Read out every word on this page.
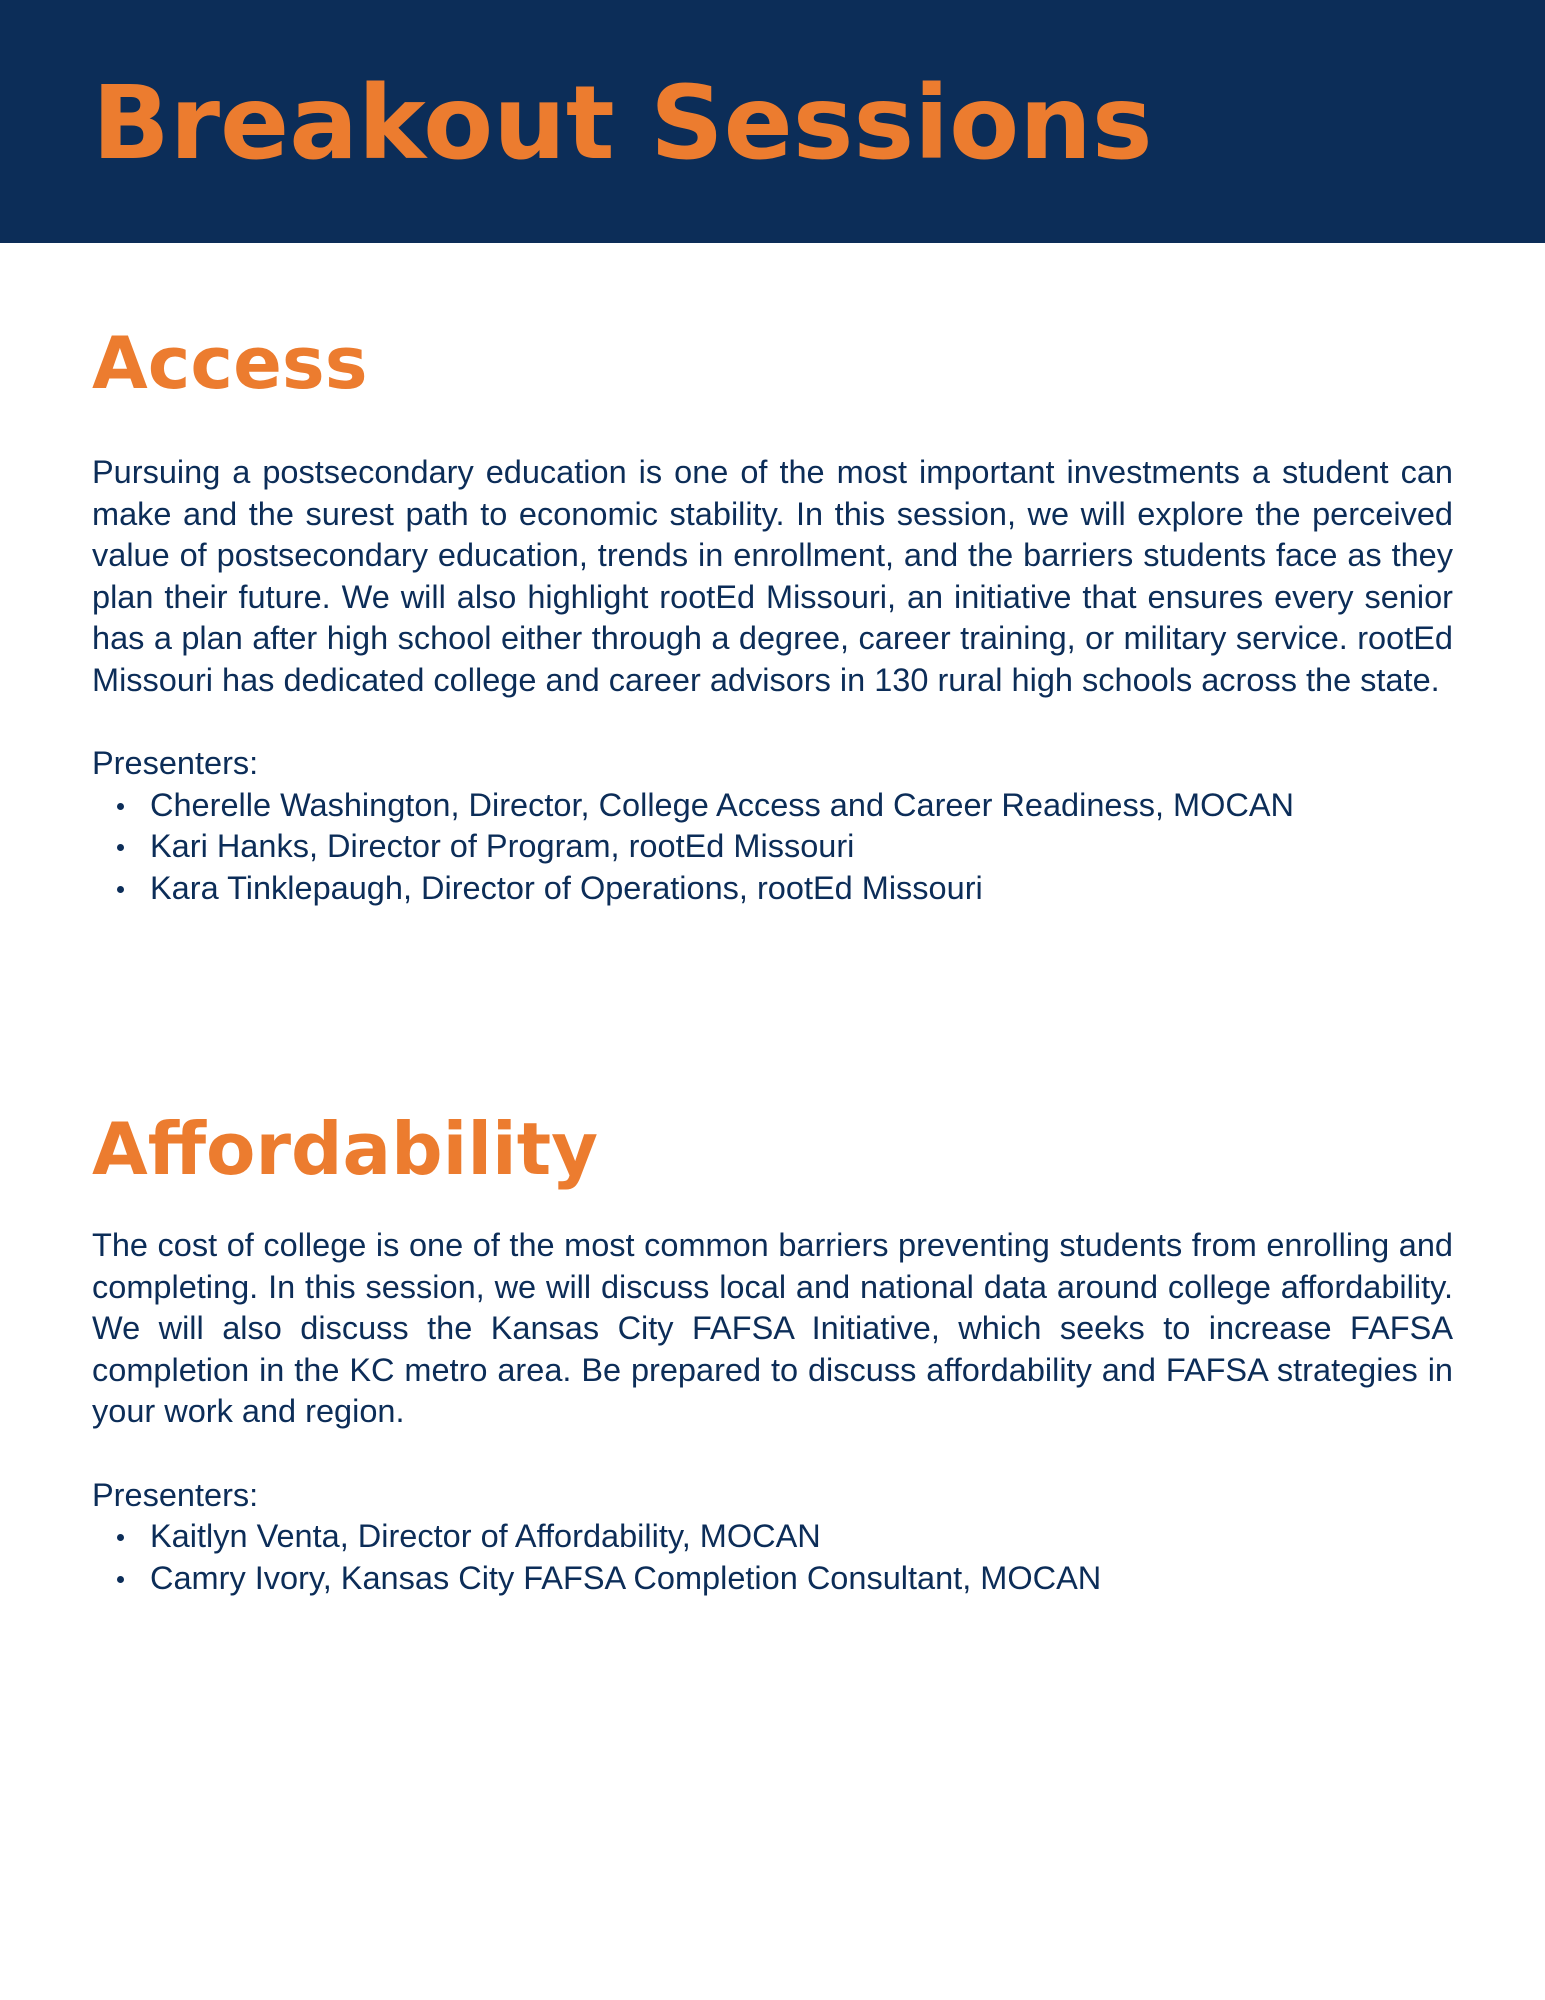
Breakout Sessions
Access

Pursuing a postsecondary education is one of the most important investments a student can make and the surest path to economic stability. In this session, we will explore the perceived value of postsecondary education, trends in enrollment, and the barriers students face as they plan their future. We will also highlight rootEd Missouri, an initiative that ensures every senior has a plan after high school either through a degree, career training, or military service. rootEd Missouri has dedicated college and career advisors in 130 rural high schools across the state.

Presenters:

Cherelle Washington, Director, College Access and Career Readiness, MOCAN
Kari Hanks, Director of Program, rootEd Missouri
Kara Tinklepaugh, Director of Operations, rootEd Missouri
Affordability

The cost of college is one of the most common barriers preventing students from enrolling and completing. In this session, we will discuss local and national data around college affordability. We will also discuss the Kansas City FAFSA Initiative, which seeks to increase FAFSA completion in the KC metro area. Be prepared to discuss affordability and FAFSA strategies in your work and region.

Presenters:

Kaitlyn Venta, Director of Affordability, MOCAN
Camry Ivory, Kansas City FAFSA Completion Consultant, MOCAN
